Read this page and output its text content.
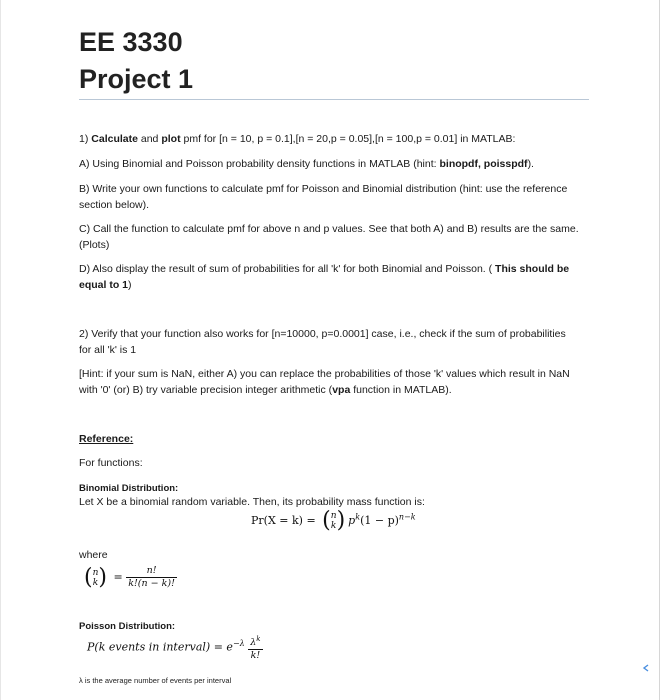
EE 3330
Project 1
1) Calculate and plot pmf for [n = 10, p = 0.1],[n = 20,p = 0.05],[n = 100,p = 0.01] in MATLAB:
A) Using Binomial and Poisson probability density functions in MATLAB (hint: binopdf, poisspdf).
B) Write your own functions to calculate pmf for Poisson and Binomial distribution (hint: use the reference section below).
C) Call the function to calculate pmf for above n and p values. See that both A) and B) results are the same.(Plots)
D) Also display the result of sum of probabilities for all 'k' for both Binomial and Poisson. ( This should be equal to 1)
2) Verify that your function also works for [n=10000, p=0.0001] case, i.e., check if the sum of probabilities for all 'k' is 1
[Hint: if your sum is NaN, either A) you can replace the probabilities of those 'k' values which result in NaN with '0' (or) B) try variable precision integer arithmetic (vpa function in MATLAB).
Reference:
For functions:
Binomial Distribution:
Let X be a binomial random variable. Then, its probability mass function is:
Pr(X = k) = (n
k) $p^k(1 - p)^{n-k}$
where
(n
$k) = \frac{n!}{k!(n - k)!}$
Poisson Distribution:
P(k events in interval) = $e^{-\lambda} \frac{\lambda^k}{k!}$
λ is the average number of events per interval
